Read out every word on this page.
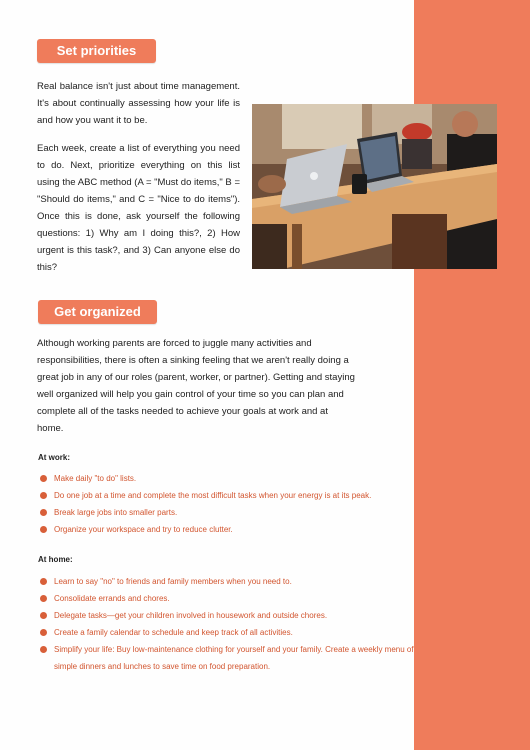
Set priorities

Real balance isn't just about time management. It's about continually assessing how your life is and how you want it to be.

Each week, create a list of everything you need to do. Next, prioritize everything on this list using the ABC method (A = "Must do items," B = "Should do items," and C = "Nice to do items"). Once this is done, ask yourself the following questions: 1) Why am I doing this?, 2) How urgent is this task?, and 3) Can anyone else do this?

Get organized

Although working parents are forced to juggle many activities and responsibilities, there is often a sinking feeling that we aren't really doing a great job in any of our roles (parent, worker, or partner). Getting and staying well organized will help you gain control of your time so you can plan and complete all of the tasks needed to achieve your goals at work and at home.

At work:

Make daily "to do" lists.
Do one job at a time and complete the most difficult tasks when your energy is at its peak.
Break large jobs into smaller parts.
Organize your workspace and try to reduce clutter.

At home:

Learn to say "no" to friends and family members when you need to.
Consolidate errands and chores.
Delegate tasks—get your children involved in housework and outside chores.
Create a family calendar to schedule and keep track of all activities.
Simplify your life: Buy low-maintenance clothing for yourself and your family. Create a weekly menu of simple dinners and lunches to save time on food preparation.
